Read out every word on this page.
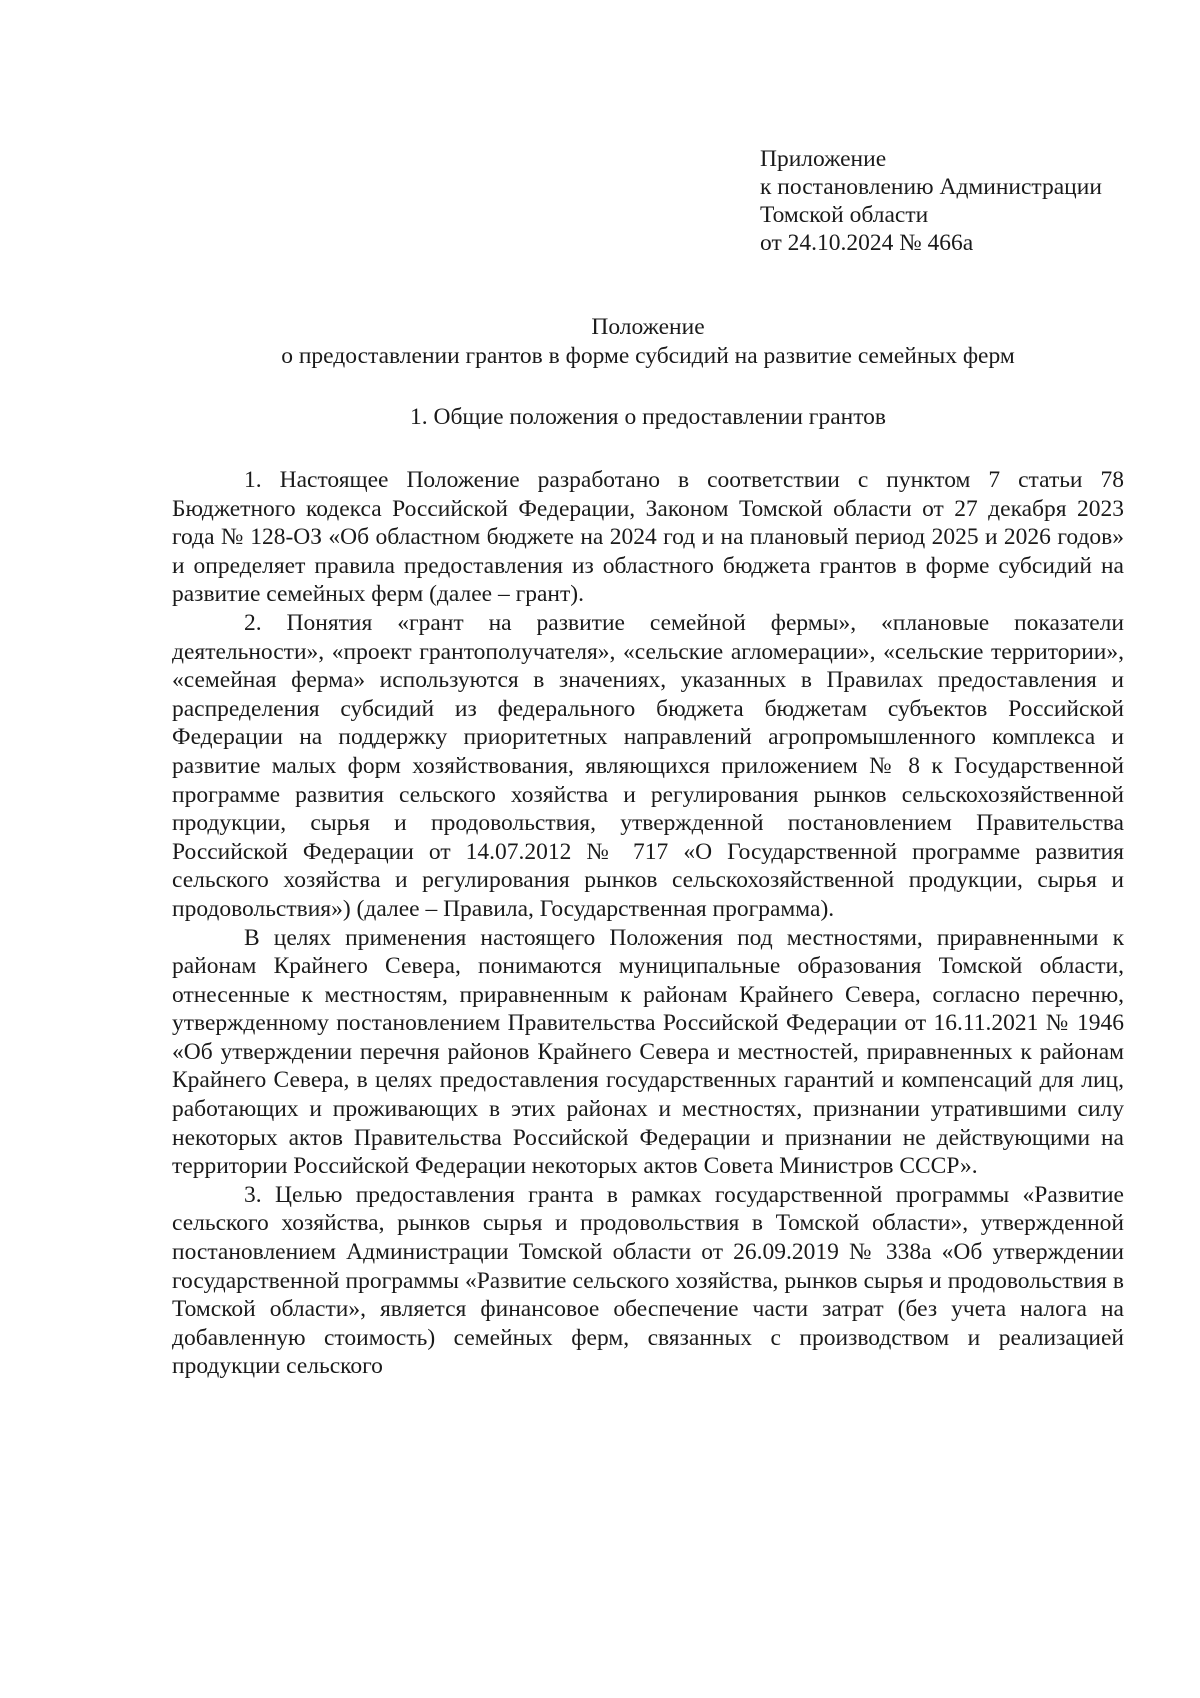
Приложение
к постановлению Администрации
Томской области
от 24.10.2024 № 466а
Положение
о предоставлении грантов в форме субсидий на развитие семейных ферм
1. Общие положения о предоставлении грантов

1. Настоящее Положение разработано в соответствии с пунктом 7 статьи 78 Бюджетного кодекса Российской Федерации, Законом Томской области от 27 декабря 2023 года № 128-ОЗ «Об областном бюджете на 2024 год и на плановый период 2025 и 2026 годов» и определяет правила предоставления из областного бюджета грантов в форме субсидий на развитие семейных ферм (далее – грант).

2. Понятия «грант на развитие семейной фермы», «плановые показатели деятельности», «проект грантополучателя», «сельские агломерации», «сельские территории», «семейная ферма» используются в значениях, указанных в Правилах предоставления и распределения субсидий из федерального бюджета бюджетам субъектов Российской Федерации на поддержку приоритетных направлений агропромышленного комплекса и развитие малых форм хозяйствования, являющихся приложением № 8 к Государственной программе развития сельского хозяйства и регулирования рынков сельскохозяйственной продукции, сырья и продовольствия, утвержденной постановлением Правительства Российской Федерации от 14.07.2012 № 717 «О Государственной программе развития сельского хозяйства и регулирования рынков сельскохозяйственной продукции, сырья и продовольствия») (далее – Правила, Государственная программа).

В целях применения настоящего Положения под местностями, приравненными к районам Крайнего Севера, понимаются муниципальные образования Томской области, отнесенные к местностям, приравненным к районам Крайнего Севера, согласно перечню, утвержденному постановлением Правительства Российской Федерации от 16.11.2021 № 1946 «Об утверждении перечня районов Крайнего Севера и местностей, приравненных к районам Крайнего Севера, в целях предоставления государственных гарантий и компенсаций для лиц, работающих и проживающих в этих районах и местностях, признании утратившими силу некоторых актов Правительства Российской Федерации и признании не действующими на территории Российской Федерации некоторых актов Совета Министров СССР».

3. Целью предоставления гранта в рамках государственной программы «Развитие сельского хозяйства, рынков сырья и продовольствия в Томской области», утвержденной постановлением Администрации Томской области от 26.09.2019 № 338а «Об утверждении государственной программы «Развитие сельского хозяйства, рынков сырья и продовольствия в Томской области», является финансовое обеспечение части затрат (без учета налога на добавленную стоимость) семейных ферм, связанных с производством и реализацией продукции сельского
